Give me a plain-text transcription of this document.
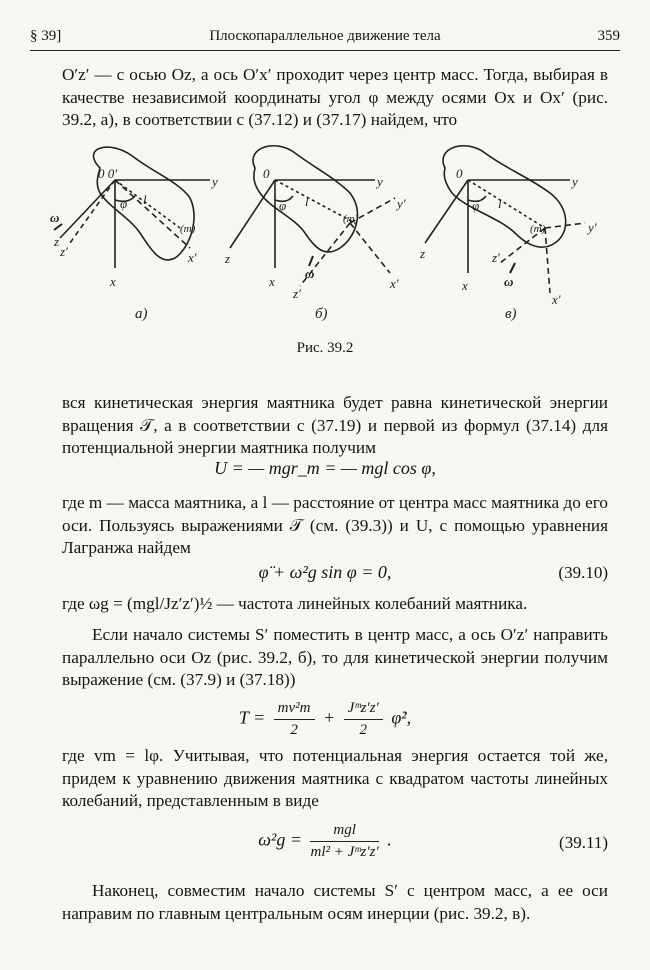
§ 39]	Плоскопараллельное движение тела	359
O′z′ — с осью Oz, а ось O′x′ проходит через центр масс. Тогда, выбирая в качестве независимой координаты угол φ между осями Ox и Ox′ (рис. 39.2, a), в соответствии с (37.12) и (37.17) найдем, что
0 0′
y
z
z′
x
x′
φ l
(m)
ω
a)
0
y
y′
z
z′
x	x′
φ l
(m)
ω
б)
0
y
y′
z	z′
x
x′
φ l
(m)
ω
в)
Рис. 39.2
вся кинетическая энергия маятника будет равна кинетической энергии вращения 𝒯, а в соответствии с (37.19) и первой из формул (37.14) для потенциальной энергии маятника получим
U = — mgr_m = — mgl cos φ,
где m — масса маятника, а l — расстояние от центра масс маятника до его оси. Пользуясь выражениями 𝒯 (см. (39.3)) и U, с помощью уравнения Лагранжа найдем
φ̈ + ω²g sin φ = 0,	(39.10)
где ωg = (mgl/Jz′z′)½ — частота линейных колебаний маятника.
Если начало системы S′ поместить в центр масс, а ось O′z′ направить параллельно оси Oz (рис. 39.2, б), то для кинетической энергии получим выражение (см. (37.9) и (37.18))
$T = \frac{\text{mv²m}}{2} + \frac{\text{Jᵐz′z′}}{2}$ φ̇²,
где vm = lφ. Учитывая, что потенциальная энергия остается той же, придем к уравнению движения маятника с квадратом частоты линейных колебаний, представленным в виде
$\omega^2g = \frac{\text{mgl}}{\text{ml² + Jᵐz′z′}}$ .	(39.11)
Наконец, совместим начало системы S′ с центром масс, а ее оси направим по главным центральным осям инерции (рис. 39.2, в).
